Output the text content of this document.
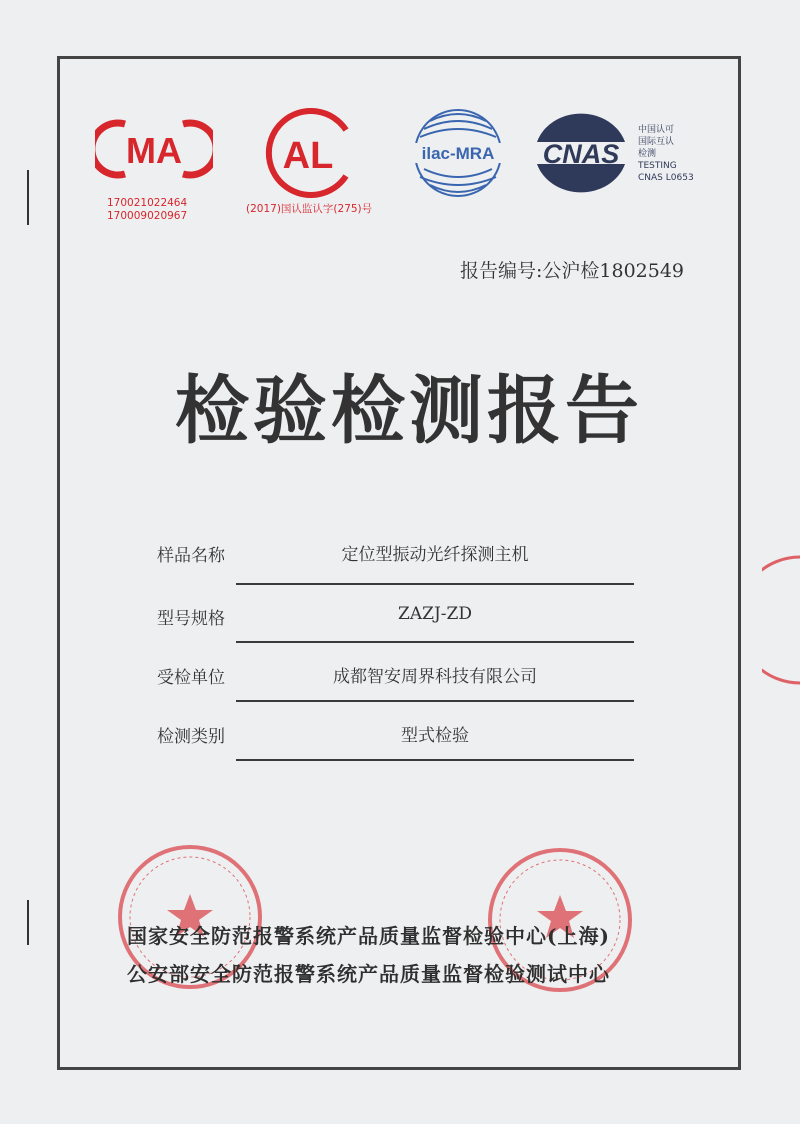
MA
170021022464
170009020967
AL
(2017)国认监认字(275)号
ilac-MRA CNAS
中国认可
国际互认
检测
TESTING
CNAS L0653
报告编号:公沪检1802549
检验检测报告
样品名称	定位型振动光纤探测主机
型号规格	ZAZJ-ZD
受检单位	成都智安周界科技有限公司
检测类别	型式检验
国家安全防范报警系统产品质量监督检验中心(上海)
公安部安全防范报警系统产品质量监督检验测试中心
